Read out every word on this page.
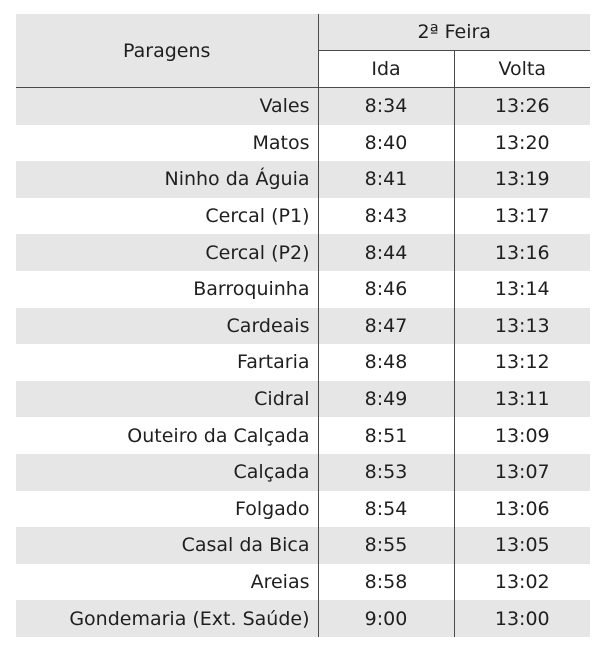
Paragens	2ª Feira	
	Ida	Volta
Vales	8:34	13:26
Matos	8:40	13:20
Ninho da Águia	8:41	13:19
Cercal (P1)	8:43	13:17
Cercal (P2)	8:44	13:16
Barroquinha	8:46	13:14
Cardeais	8:47	13:13
Fartaria	8:48	13:12
Cidral	8:49	13:11
Outeiro da Calçada	8:51	13:09
Calçada	8:53	13:07
Folgado	8:54	13:06
Casal da Bica	8:55	13:05
Areias	8:58	13:02
Gondemaria (Ext. Saúde)	9:00	13:00
